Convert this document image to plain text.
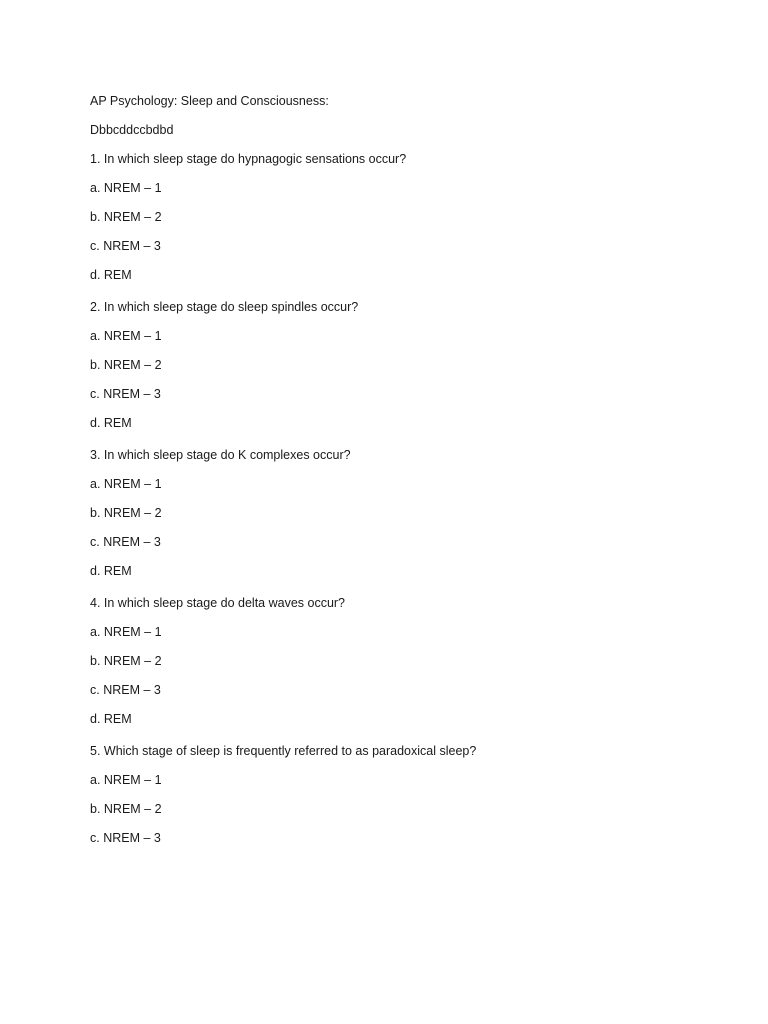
AP Psychology: Sleep and Consciousness:
Dbbcddccbdbd
1. In which sleep stage do hypnagogic sensations occur?
a. NREM – 1
b. NREM – 2
c. NREM – 3
d. REM
2. In which sleep stage do sleep spindles occur?
a. NREM – 1
b. NREM – 2
c. NREM – 3
d. REM
3. In which sleep stage do K complexes occur?
a. NREM – 1
b. NREM – 2
c. NREM – 3
d. REM
4. In which sleep stage do delta waves occur?
a. NREM – 1
b. NREM – 2
c. NREM – 3
d. REM
5. Which stage of sleep is frequently referred to as paradoxical sleep?
a. NREM – 1
b. NREM – 2
c. NREM – 3
